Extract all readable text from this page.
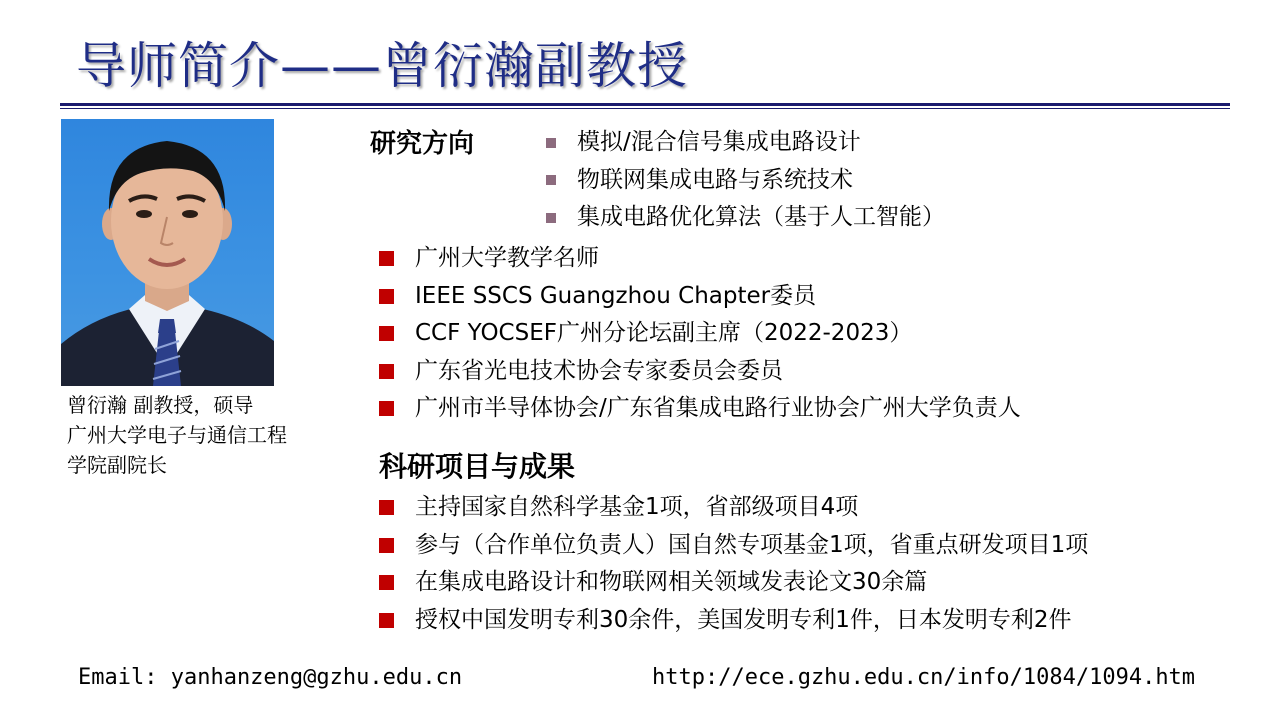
导师简介——曾衍瀚副教授
曾衍瀚 副教授，硕导
广州大学电子与通信工程
学院副院长
研究方向	模拟/混合信号集成电路设计
物联网集成电路与系统技术
集成电路优化算法（基于人工智能）
广州大学教学名师
IEEE SSCS Guangzhou Chapter委员
CCF YOCSEF广州分论坛副主席（2022-2023）
广东省光电技术协会专家委员会委员
广州市半导体协会/广东省集成电路行业协会广州大学负责人
科研项目与成果
主持国家自然科学基金1项，省部级项目4项
参与（合作单位负责人）国自然专项基金1项，省重点研发项目1项
在集成电路设计和物联网相关领域发表论文30余篇
授权中国发明专利30余件，美国发明专利1件，日本发明专利2件
Email: yanhanzeng@gzhu.edu.cn	http://ece.gzhu.edu.cn/info/1084/1094.htm
